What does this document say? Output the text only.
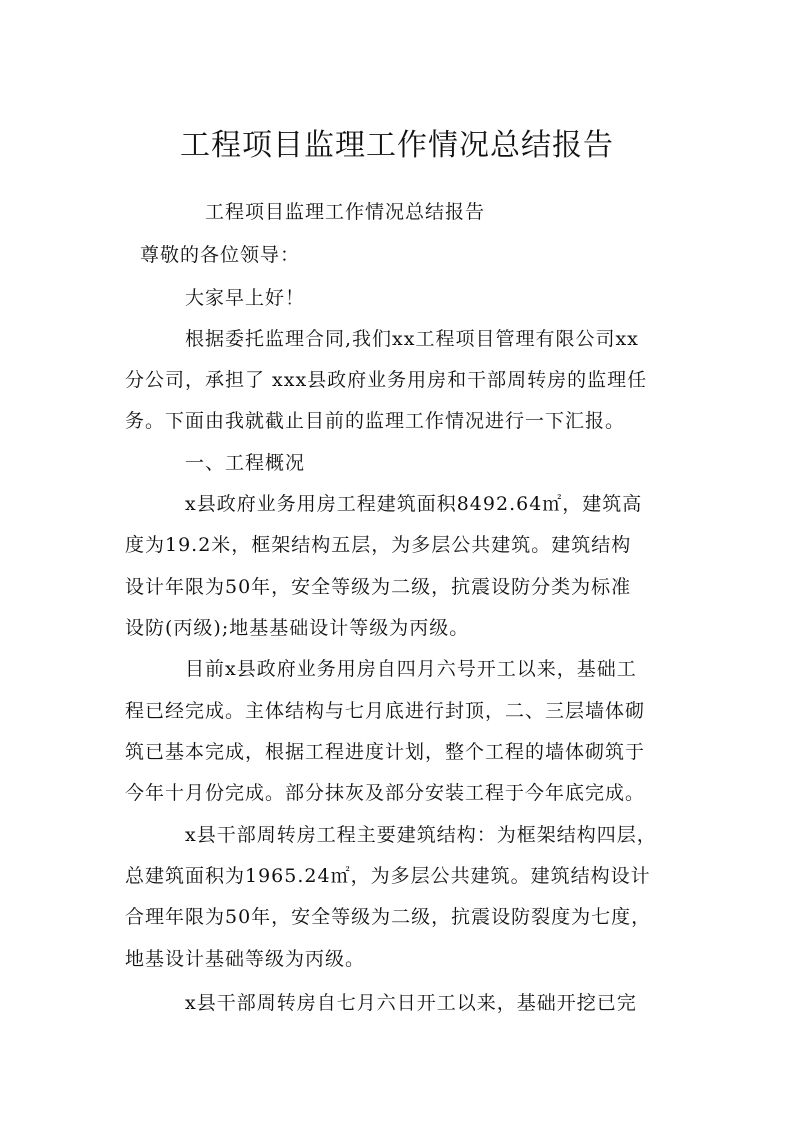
工程项目监理工作情况总结报告

工程项目监理工作情况总结报告

尊敬的各位领导：

大家早上好！

根据委托监理合同,我们xx工程项目管理有限公司xx

分公司，承担了 xxx县政府业务用房和干部周转房的监理任

务。下面由我就截止目前的监理工作情况进行一下汇报。

一、工程概况

x县政府业务用房工程建筑面积8492.64㎡，建筑高

度为19.2米，框架结构五层，为多层公共建筑。建筑结构

设计年限为50年，安全等级为二级，抗震设防分类为标准

设防(丙级);地基基础设计等级为丙级。

目前x县政府业务用房自四月六号开工以来，基础工

程已经完成。主体结构与七月底进行封顶，二、三层墙体砌

筑已基本完成，根据工程进度计划，整个工程的墙体砌筑于

今年十月份完成。部分抹灰及部分安装工程于今年底完成。

x县干部周转房工程主要建筑结构：为框架结构四层，

总建筑面积为1965.24㎡，为多层公共建筑。建筑结构设计

合理年限为50年，安全等级为二级，抗震设防裂度为七度，

地基设计基础等级为丙级。

x县干部周转房自七月六日开工以来，基础开挖已完
